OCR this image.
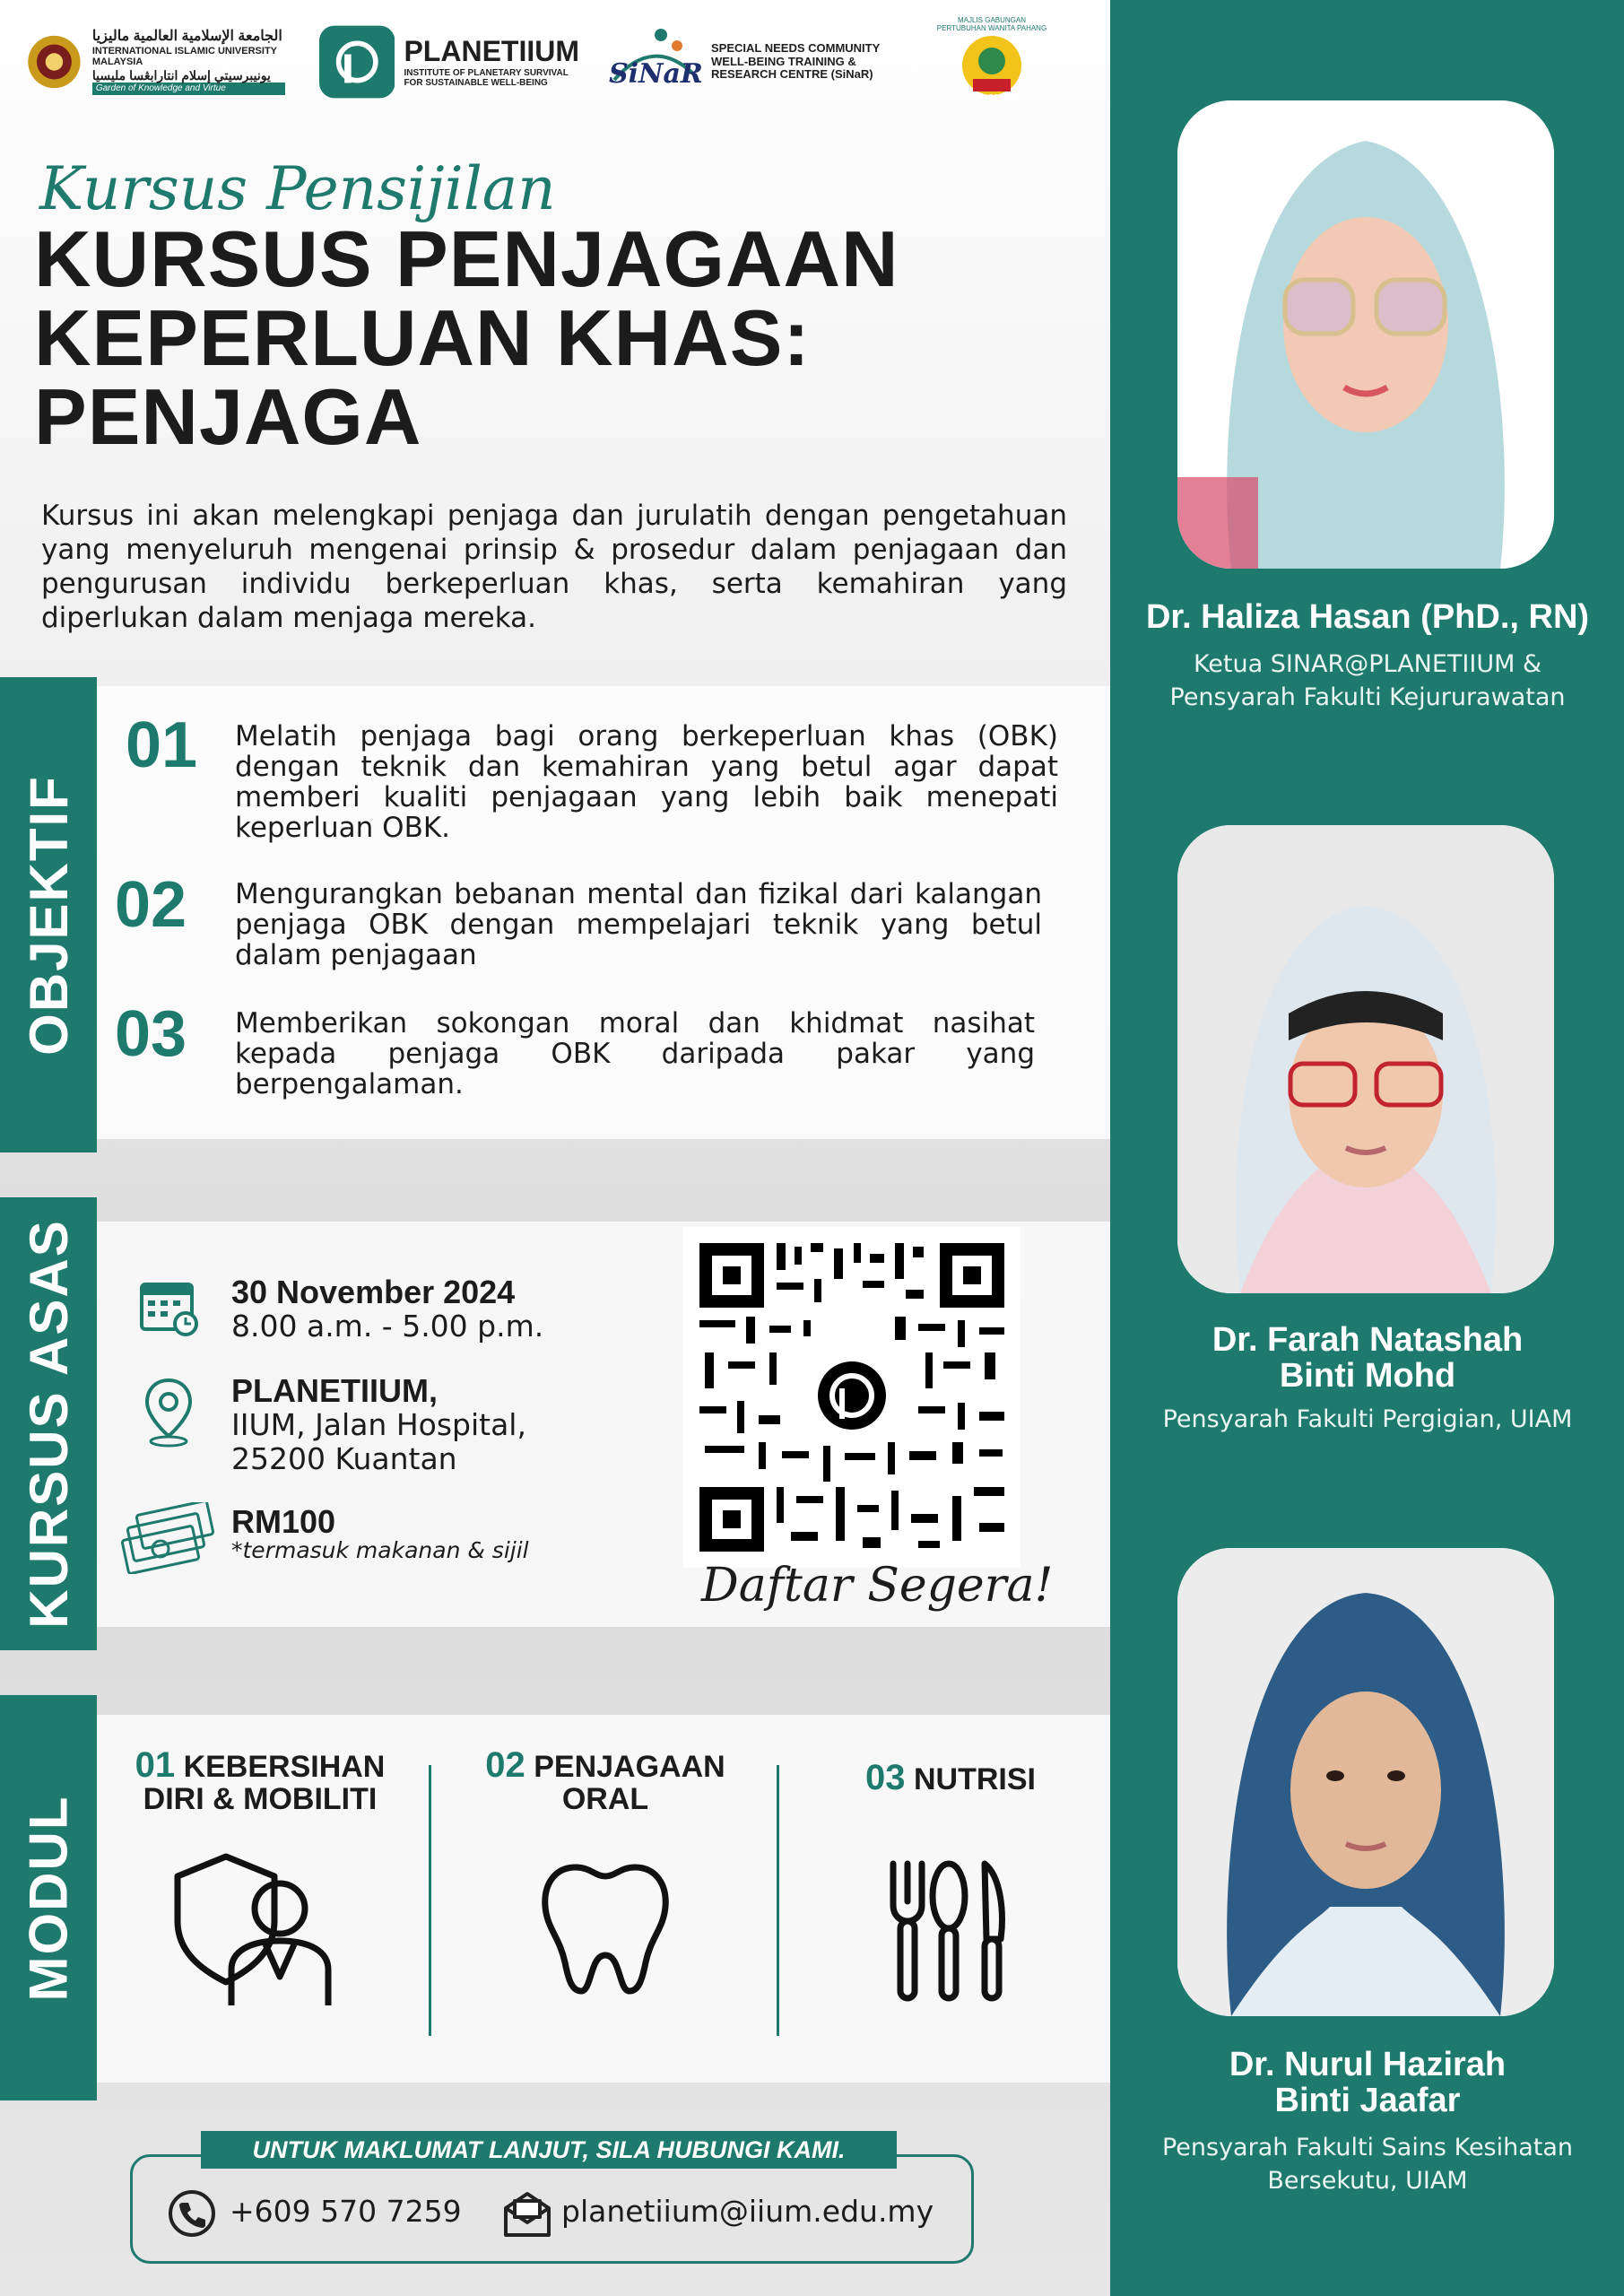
الجامعة الإسلامية العالمية ماليزيا
INTERNATIONAL ISLAMIC UNIVERSITY MALAYSIA
يونيبرسيتي إسلام انتارابڠسا مليسيا
Garden of Knowledge and Virtue
PLANETIIUM
INSTITUTE OF PLANETARY SURVIVAL
FOR SUSTAINABLE WELL-BEING	SiNaR
SPECIAL NEEDS COMMUNITY
WELL-BEING TRAINING &
RESEARCH CENTRE (SiNaR)
MAJLIS GABUNGAN PERTUBUHAN WANITA PAHANG
NCWO PAHANG
Kursus Pensijilan
KURSUS PENJAGAAN
KEPERLUAN KHAS:
PENJAGA
Kursus ini akan melengkapi penjaga dan jurulatih dengan pengetahuan yang menyeluruh mengenai prinsip & prosedur dalam penjagaan dan pengurusan individu berkeperluan khas, serta kemahiran yang diperlukan dalam menjaga mereka.
OBJEKTIF
01 Melatih penjaga bagi orang berkeperluan khas (OBK) dengan teknik dan kemahiran yang betul agar dapat memberi kualiti penjagaan yang lebih baik menepati keperluan OBK.
02 Mengurangkan bebanan mental dan fizikal dari kalangan penjaga OBK dengan mempelajari teknik yang betul dalam penjagaan
03 Memberikan sokongan moral dan khidmat nasihat kepada penjaga OBK daripada pakar yang berpengalaman.
KURSUS ASAS	30 November 2024
8.00 a.m. - 5.00 p.m.
PLANETIIUM,
IIUM, Jalan Hospital,
25200 Kuantan
RM100
*termasuk makanan & sijil
Daftar Segera!
MODUL
01 KEBERSIHAN
DIRI & MOBILITI
02 PENJAGAAN
ORAL
03 NUTRISI
UNTUK MAKLUMAT LANJUT, SILA HUBUNGI KAMI.
+609 570 7259	planetiium@iium.edu.my
Dr. Haliza Hasan (PhD., RN)
Ketua SINAR@PLANETIIUM &
Pensyarah Fakulti Kejururawatan
Dr. Farah Natashah
Binti Mohd
Pensyarah Fakulti Pergigian, UIAM
Dr. Nurul Hazirah
Binti Jaafar
Pensyarah Fakulti Sains Kesihatan
Bersekutu, UIAM
